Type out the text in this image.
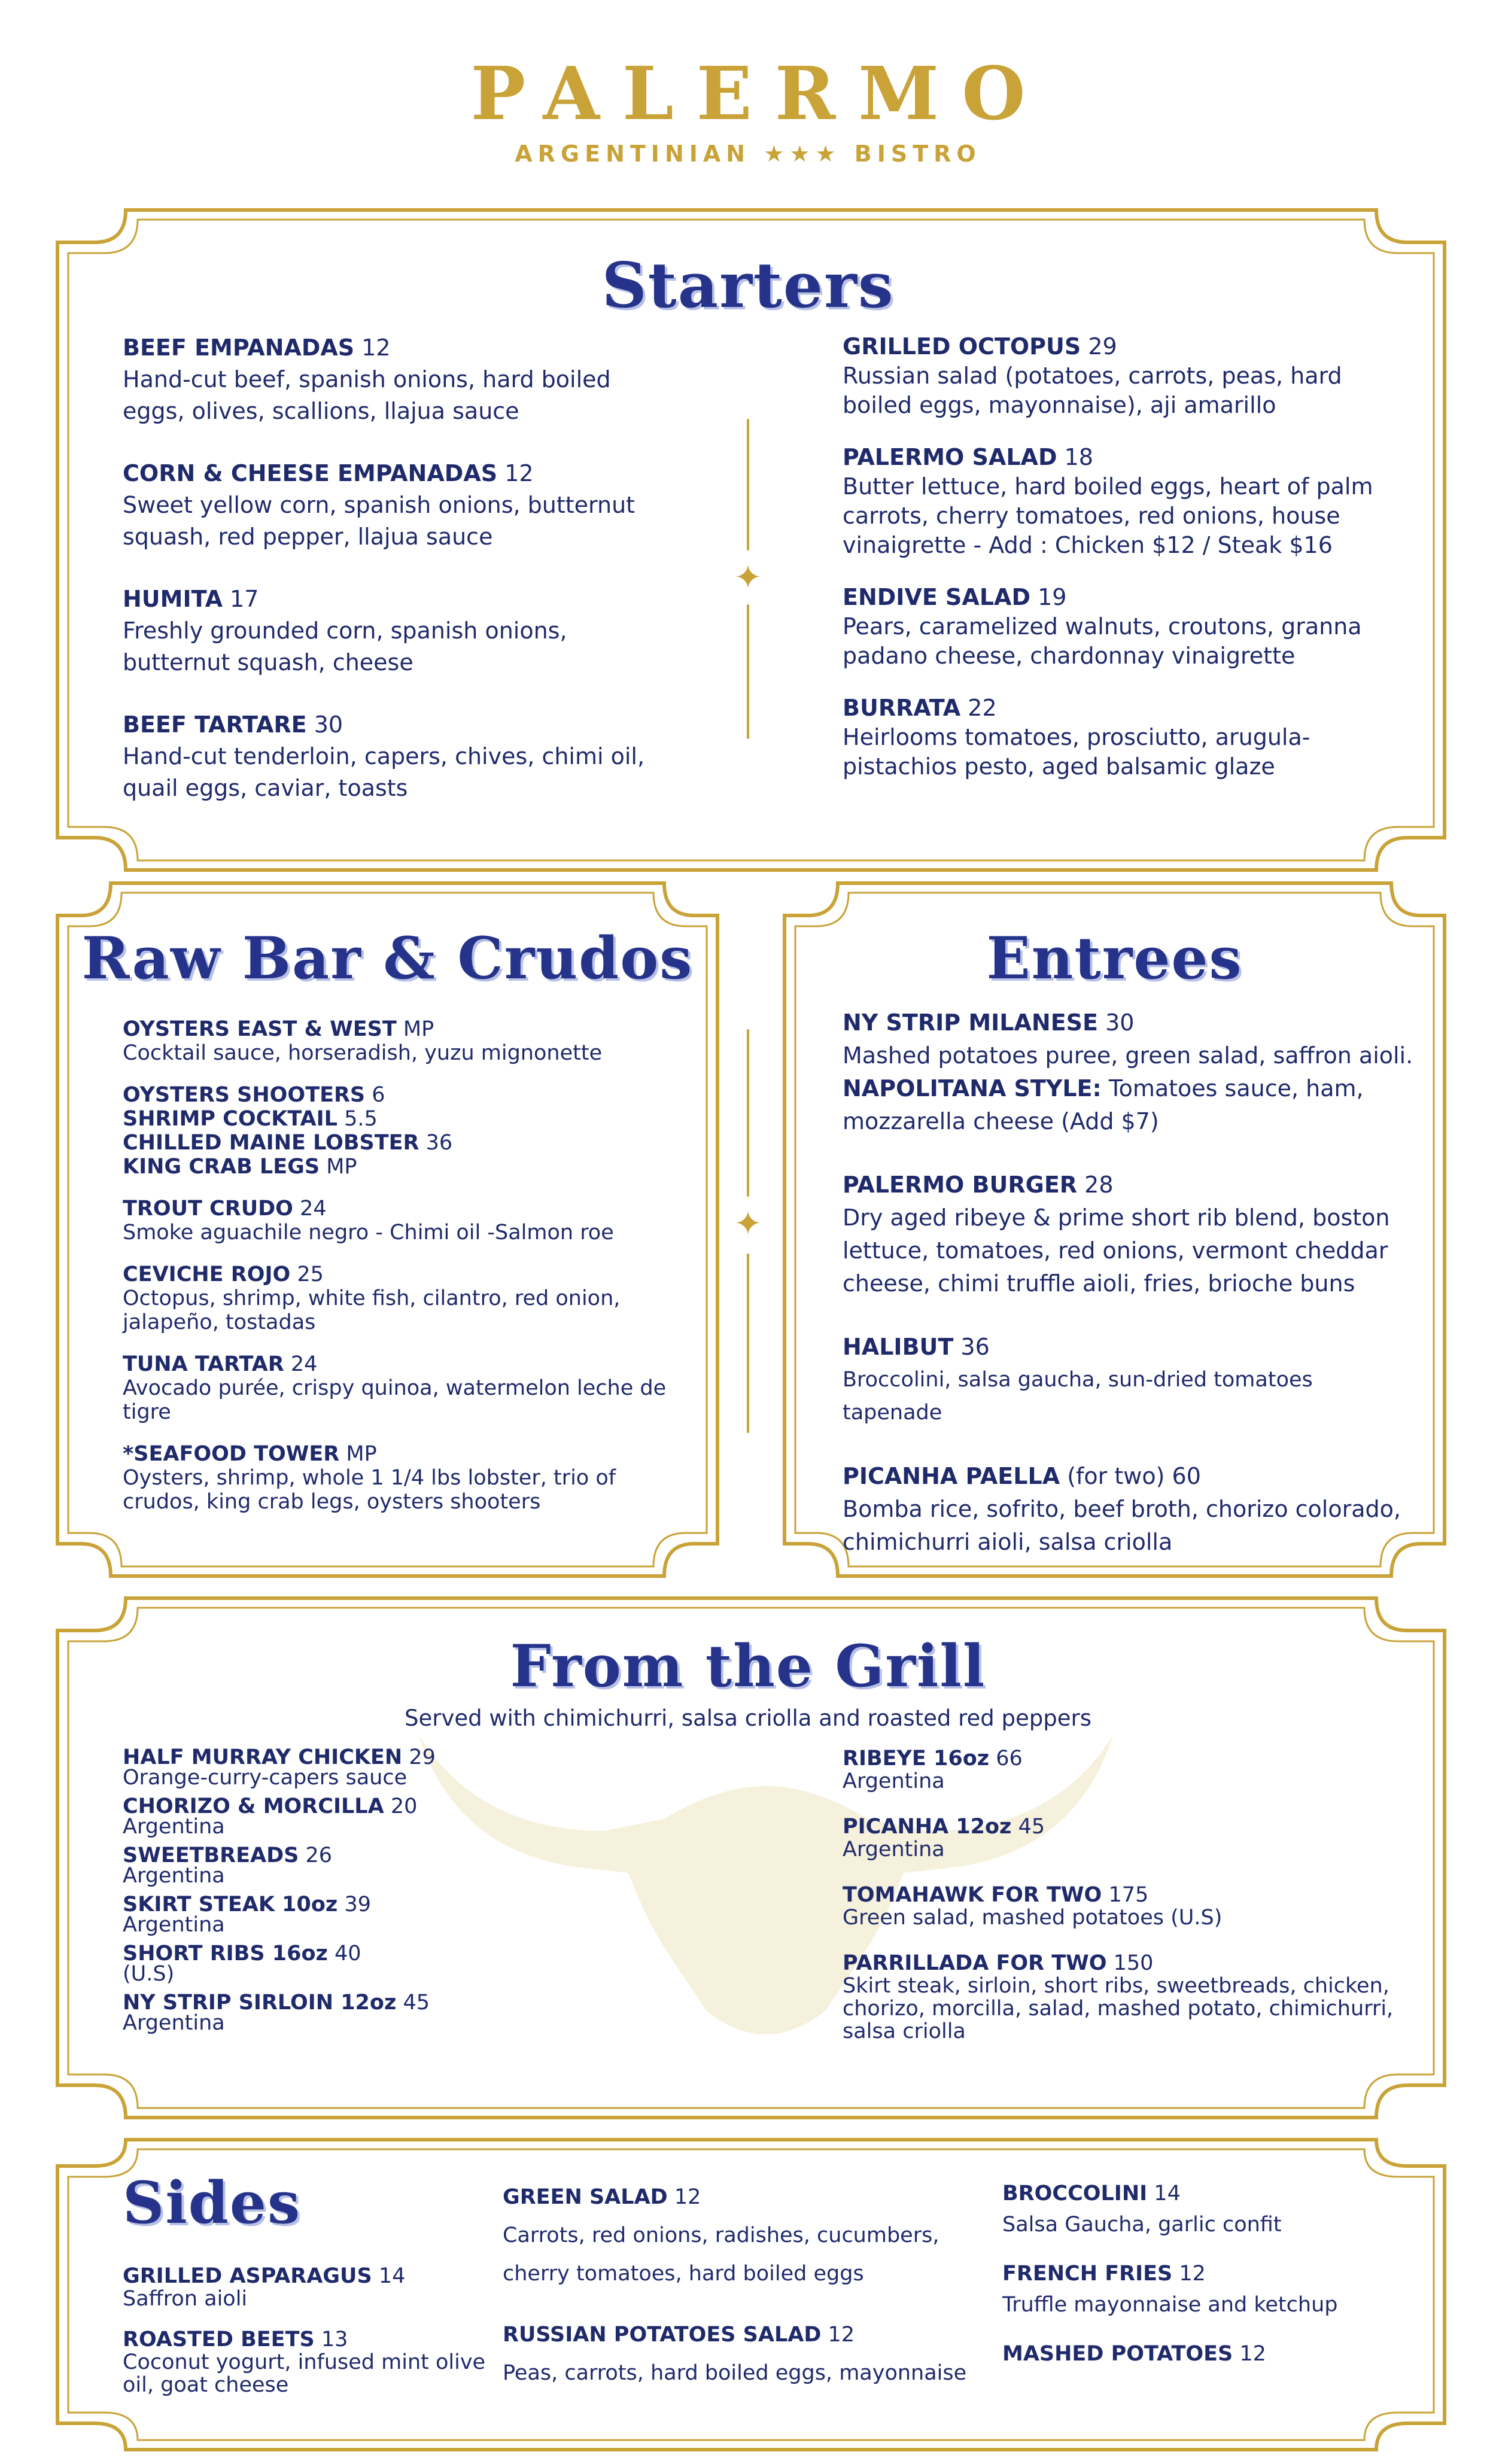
PALERMO
ARGENTINIAN ★★★ BISTRO
Starters
BEEF EMPANADAS 12
Hand-cut beef, spanish onions, hard boiled eggs, olives, scallions, llajua sauce
CORN & CHEESE EMPANADAS 12
Sweet yellow corn, spanish onions, butternut squash, red pepper, llajua sauce
HUMITA 17
Freshly grounded corn, spanish onions, butternut squash, cheese
BEEF TARTARE 30
Hand-cut tenderloin, capers, chives, chimi oil, quail eggs, caviar, toasts
✦
GRILLED OCTOPUS 29
Russian salad (potatoes, carrots, peas, hard boiled eggs, mayonnaise), aji amarillo
PALERMO SALAD 18
Butter lettuce, hard boiled eggs, heart of palm carrots, cherry tomatoes, red onions, house vinaigrette - Add : Chicken $12 / Steak $16
ENDIVE SALAD 19
Pears, caramelized walnuts, croutons, granna padano cheese, chardonnay vinaigrette
BURRATA 22
Heirlooms tomatoes, prosciutto, arugula-pistachios pesto, aged balsamic glaze
Raw Bar & Crudos
OYSTERS EAST & WEST MP
Cocktail sauce, horseradish, yuzu mignonette
OYSTERS SHOOTERS 6
SHRIMP COCKTAIL 5.5
CHILLED MAINE LOBSTER 36
KING CRAB LEGS MP
TROUT CRUDO 24
Smoke aguachile negro - Chimi oil -Salmon roe
CEVICHE ROJO 25
Octopus, shrimp, white fish, cilantro, red onion, jalapeño, tostadas
TUNA TARTAR 24
Avocado purée, crispy quinoa, watermelon leche de tigre
*SEAFOOD TOWER MP
Oysters, shrimp, whole 1 1/4 lbs lobster, trio of crudos, king crab legs, oysters shooters
✦
Entrees
NY STRIP MILANESE 30
Mashed potatoes puree, green salad, saffron aioli.
NAPOLITANA STYLE: Tomatoes sauce, ham, mozzarella cheese (Add $7)
PALERMO BURGER 28
Dry aged ribeye & prime short rib blend, boston lettuce, tomatoes, red onions, vermont cheddar cheese, chimi truffle aioli, fries, brioche buns
HALIBUT 36
Broccolini, salsa gaucha, sun-dried tomatoes tapenade
PICANHA PAELLA (for two) 60
Bomba rice, sofrito, beef broth, chorizo colorado, chimichurri aioli, salsa criolla
From the Grill
Served with chimichurri, salsa criolla and roasted red peppers
HALF MURRAY CHICKEN 29
Orange-curry-capers sauce
CHORIZO & MORCILLA 20
Argentina
SWEETBREADS 26
Argentina
SKIRT STEAK 10oz 39
Argentina
SHORT RIBS 16oz 40
(U.S)
NY STRIP SIRLOIN 12oz 45
Argentina
RIBEYE 16oz 66
Argentina
PICANHA 12oz 45
Argentina
TOMAHAWK FOR TWO 175
Green salad, mashed potatoes (U.S)
PARRILLADA FOR TWO 150
Skirt steak, sirloin, short ribs, sweetbreads, chicken, chorizo, morcilla, salad, mashed potato, chimichurri, salsa criolla
Sides
GRILLED ASPARAGUS 14
Saffron aioli
ROASTED BEETS 13
Coconut yogurt, infused mint olive oil, goat cheese
GREEN SALAD 12
Carrots, red onions, radishes, cucumbers, cherry tomatoes, hard boiled eggs
RUSSIAN POTATOES SALAD 12
Peas, carrots, hard boiled eggs, mayonnaise
BROCCOLINI 14
Salsa Gaucha, garlic confit
FRENCH FRIES 12
Truffle mayonnaise and ketchup
MASHED POTATOES 12
